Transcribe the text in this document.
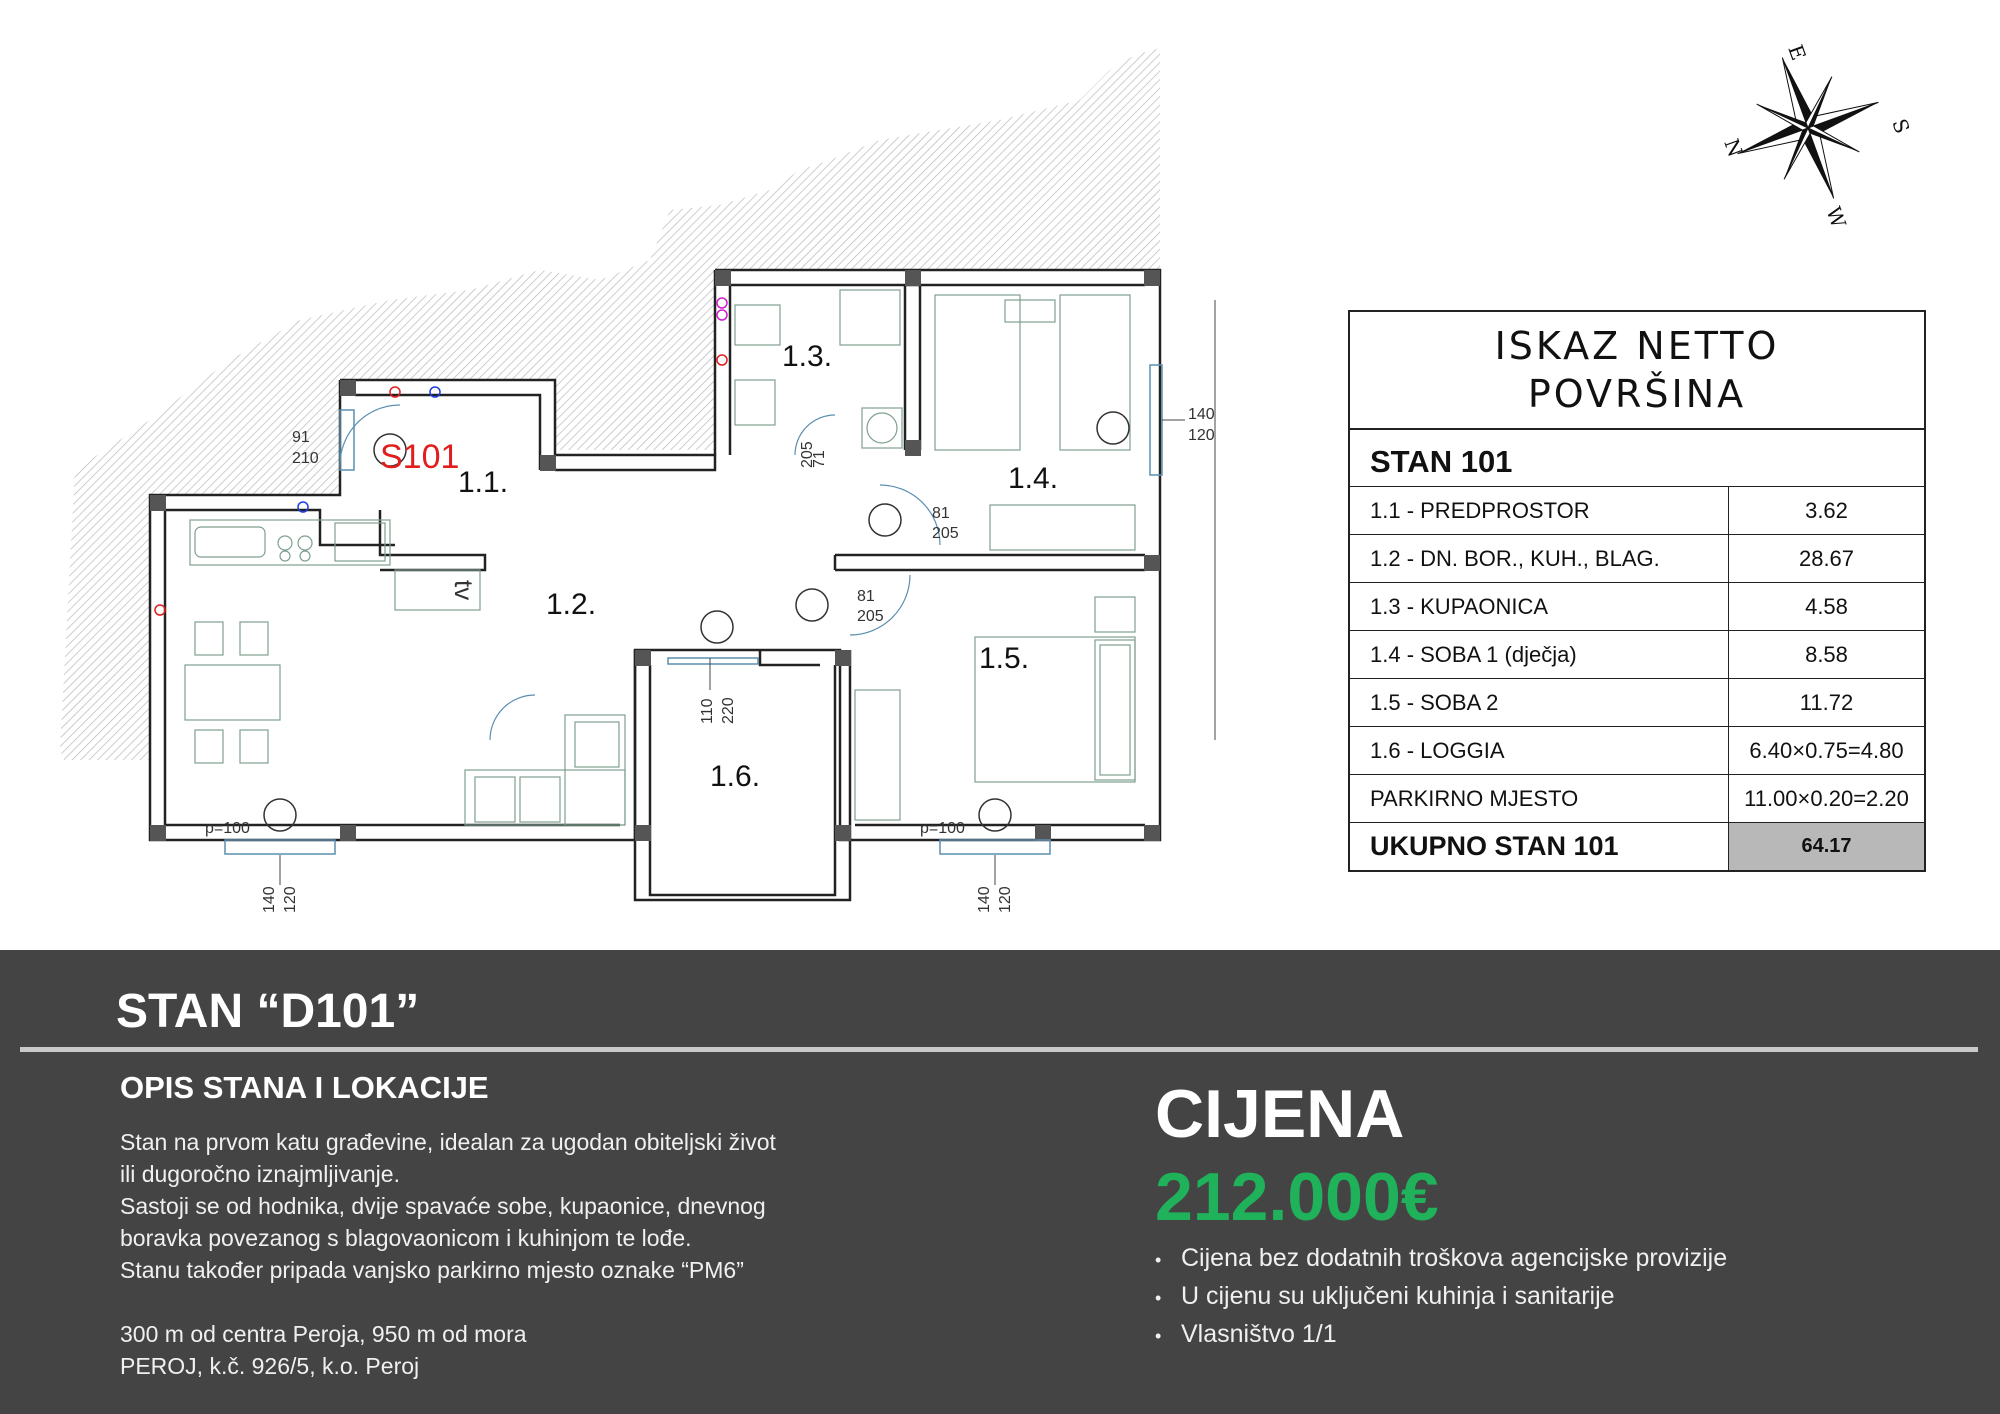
1.1.
1.2.
1.3.
1.4.
1.5.
1.6.
S101
91
210	71
205
140
120
81
205
81
205
110 220
140 120	140 120
p=100	p=100
tv
E
S
W
N
ISKAZ NETTO
POVRŠINA
STAN 101
1.1 - PREDPROSTOR	3.62
1.2 - DN. BOR., KUH., BLAG.	28.67
1.3 - KUPAONICA	4.58
1.4 - SOBA 1 (dječja)	8.58
1.5 - SOBA 2	11.72
1.6 - LOGGIA	6.40×0.75=4.80
PARKIRNO MJESTO	11.00×0.20=2.20
UKUPNO STAN 101	64.17
STAN “D101”
OPIS STANA I LOKACIJE
Stan na prvom katu građevine, idealan za ugodan obiteljski život
ili dugoročno iznajmljivanje.
Sastoji se od hodnika, dvije spavaće sobe, kupaonice, dnevnog
boravka povezanog s blagovaonicom i kuhinjom te lođe.
Stanu također pripada vanjsko parkirno mjesto oznake “PM6”
300 m od centra Peroja, 950 m od mora
PEROJ, k.č. 926/5, k.o. Peroj
CIJENA
212.000€
• Cijena bez dodatnih troškova agencijske provizije
• U cijenu su uključeni kuhinja i sanitarije
• Vlasništvo 1/1
